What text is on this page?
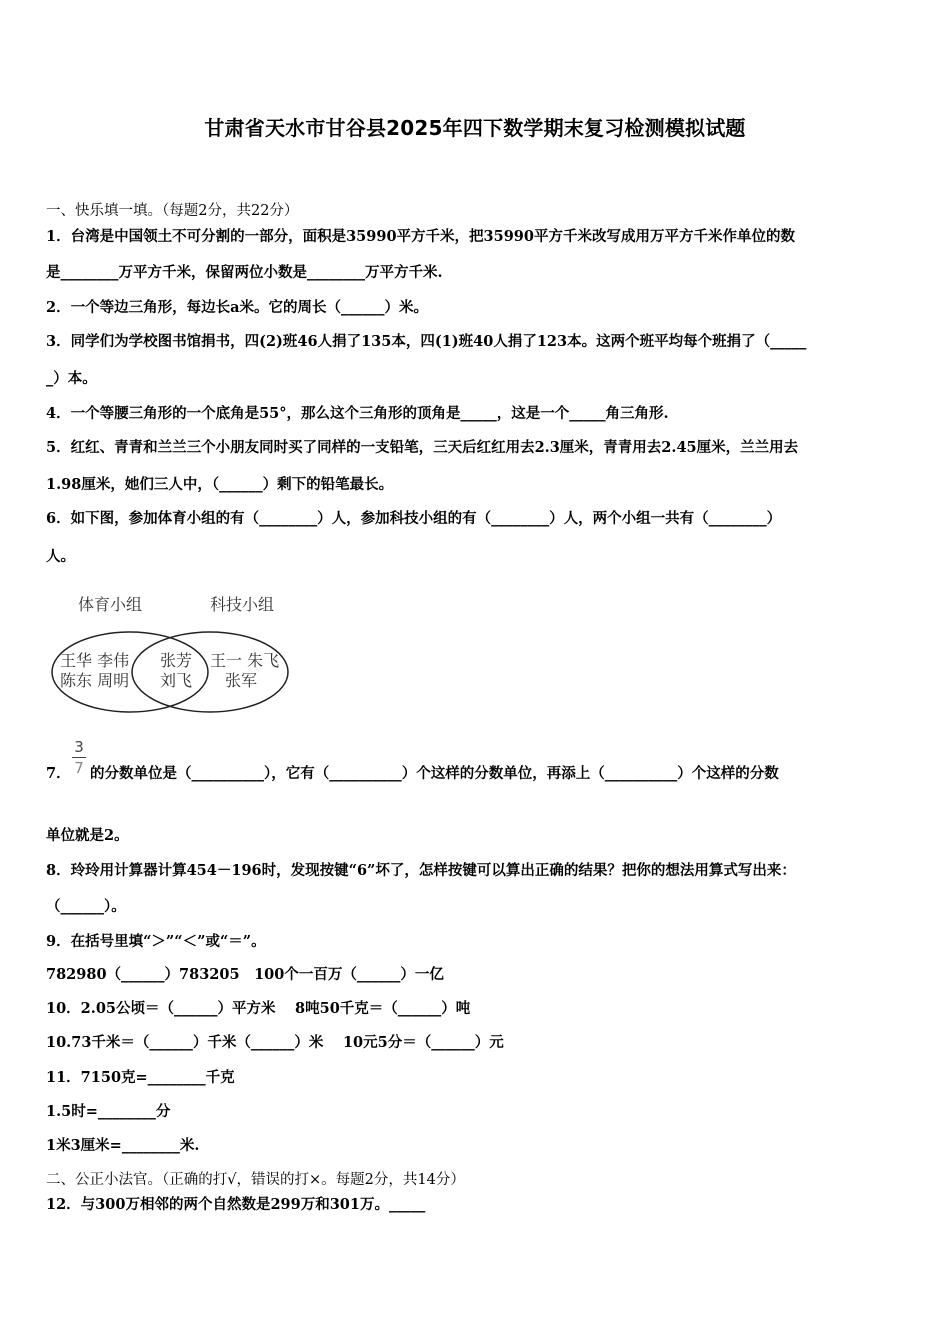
甘肃省天水市甘谷县2025年四下数学期末复习检测模拟试题
一、快乐填一填。（每题2分，共22分）
1．台湾是中国领土不可分割的一部分，面积是35990平方千米，把35990平方千米改写成用万平方千米作单位的数
是________万平方千米，保留两位小数是________万平方千米.
2．一个等边三角形，每边长a米。它的周长（______）米。
3．同学们为学校图书馆捐书，四(2)班46人捐了135本，四(1)班40人捐了123本。这两个班平均每个班捐了（_____
_）本。
4．一个等腰三角形的一个底角是55°，那么这个三角形的顶角是_____，这是一个_____角三角形.
5．红红、青青和兰兰三个小朋友同时买了同样的一支铅笔，三天后红红用去2.3厘米，青青用去2.45厘米，兰兰用去
1.98厘米，她们三人中，（______）剩下的铅笔最长。
6．如下图，参加体育小组的有（________）人，参加科技小组的有（________）人，两个小组一共有（________）
人。
体育小组	科技小组
王华 李伟
陈东 周明
张芳
刘飞
王一 朱飞
张军
7．
3
7 的分数单位是（__________），它有（__________）个这样的分数单位，再添上（__________）个这样的分数
单位就是2。
8．玲玲用计算器计算454－196时，发现按键“6”坏了，怎样按键可以算出正确的结果？把你的想法用算式写出来：
（______）。
9．在括号里填“＞”“＜”或“＝”。
782980（______）783205　100个一百万（______）一亿
10．2.05公顷＝（______）平方米　 8吨50千克＝（______）吨
10.73千米＝（______）千米（______）米　 10元5分＝（______）元
11．7150克=________千克
1.5时=________分
1米3厘米=________米.
二、公正小法官。（正确的打√，错误的打×。每题2分，共14分）
12．与300万相邻的两个自然数是299万和301万。_____
